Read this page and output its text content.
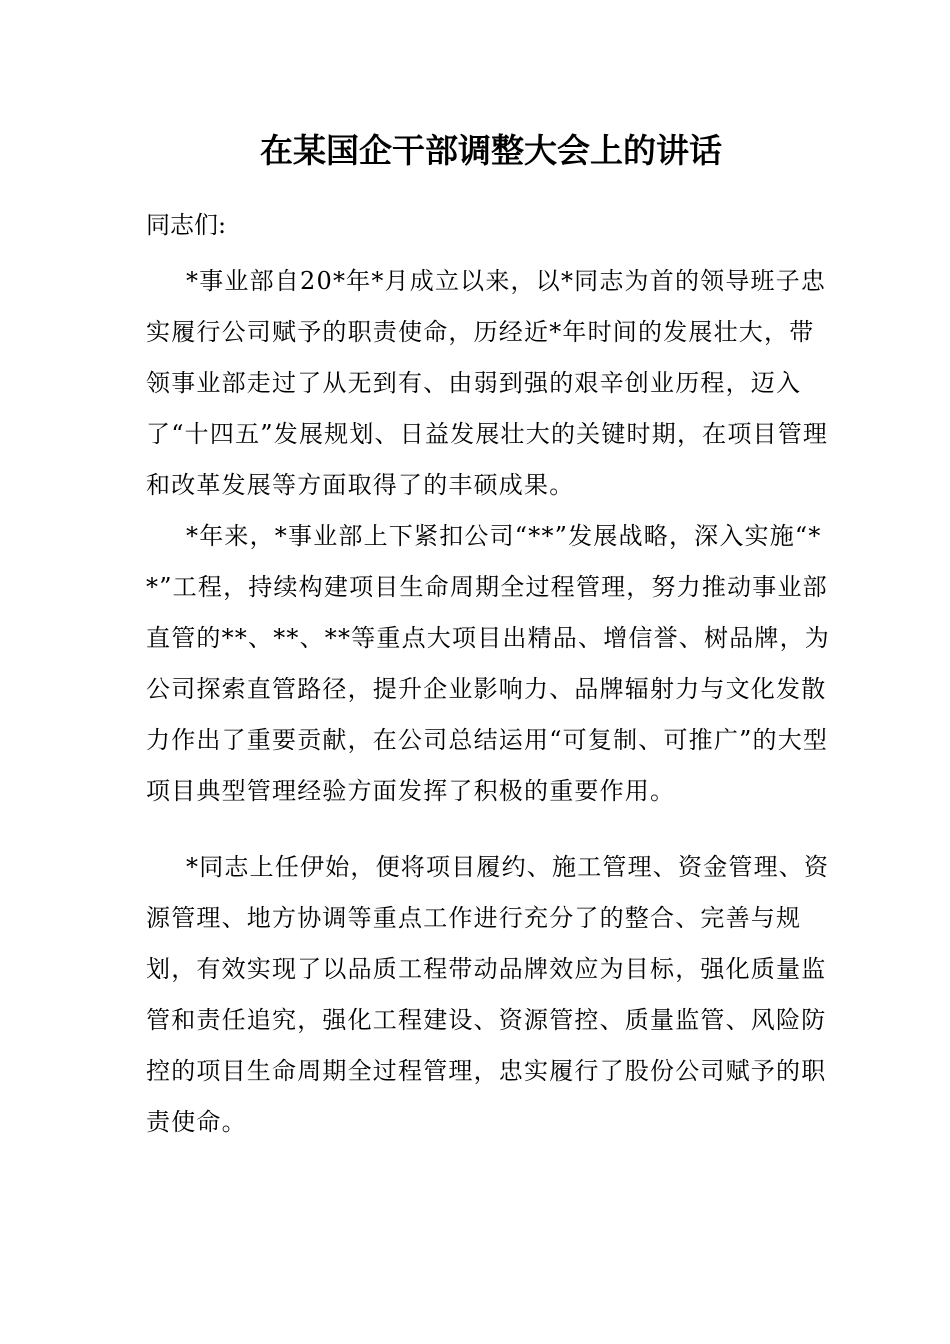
在某国企干部调整大会上的讲话
同志们:

*事业部自20*年*月成立以来，以*同志为首的领导班子忠实履行公司赋予的职责使命，历经近*年时间的发展壮大，带领事业部走过了从无到有、由弱到强的艰辛创业历程，迈入了“十四五”发展规划、日益发展壮大的关键时期，在项目管理和改革发展等方面取得了的丰硕成果。

*年来，*事业部上下紧扣公司“**”发展战略，深入实施“**”工程，持续构建项目生命周期全过程管理，努力推动事业部直管的**、**、**等重点大项目出精品、增信誉、树品牌，为公司探索直管路径，提升企业影响力、品牌辐射力与文化发散力作出了重要贡献，在公司总结运用“可复制、可推广”的大型项目典型管理经验方面发挥了积极的重要作用。

*同志上任伊始，便将项目履约、施工管理、资金管理、资源管理、地方协调等重点工作进行充分了的整合、完善与规划，有效实现了以品质工程带动品牌效应为目标，强化质量监管和责任追究，强化工程建设、资源管控、质量监管、风险防控的项目生命周期全过程管理，忠实履行了股份公司赋予的职责使命。
